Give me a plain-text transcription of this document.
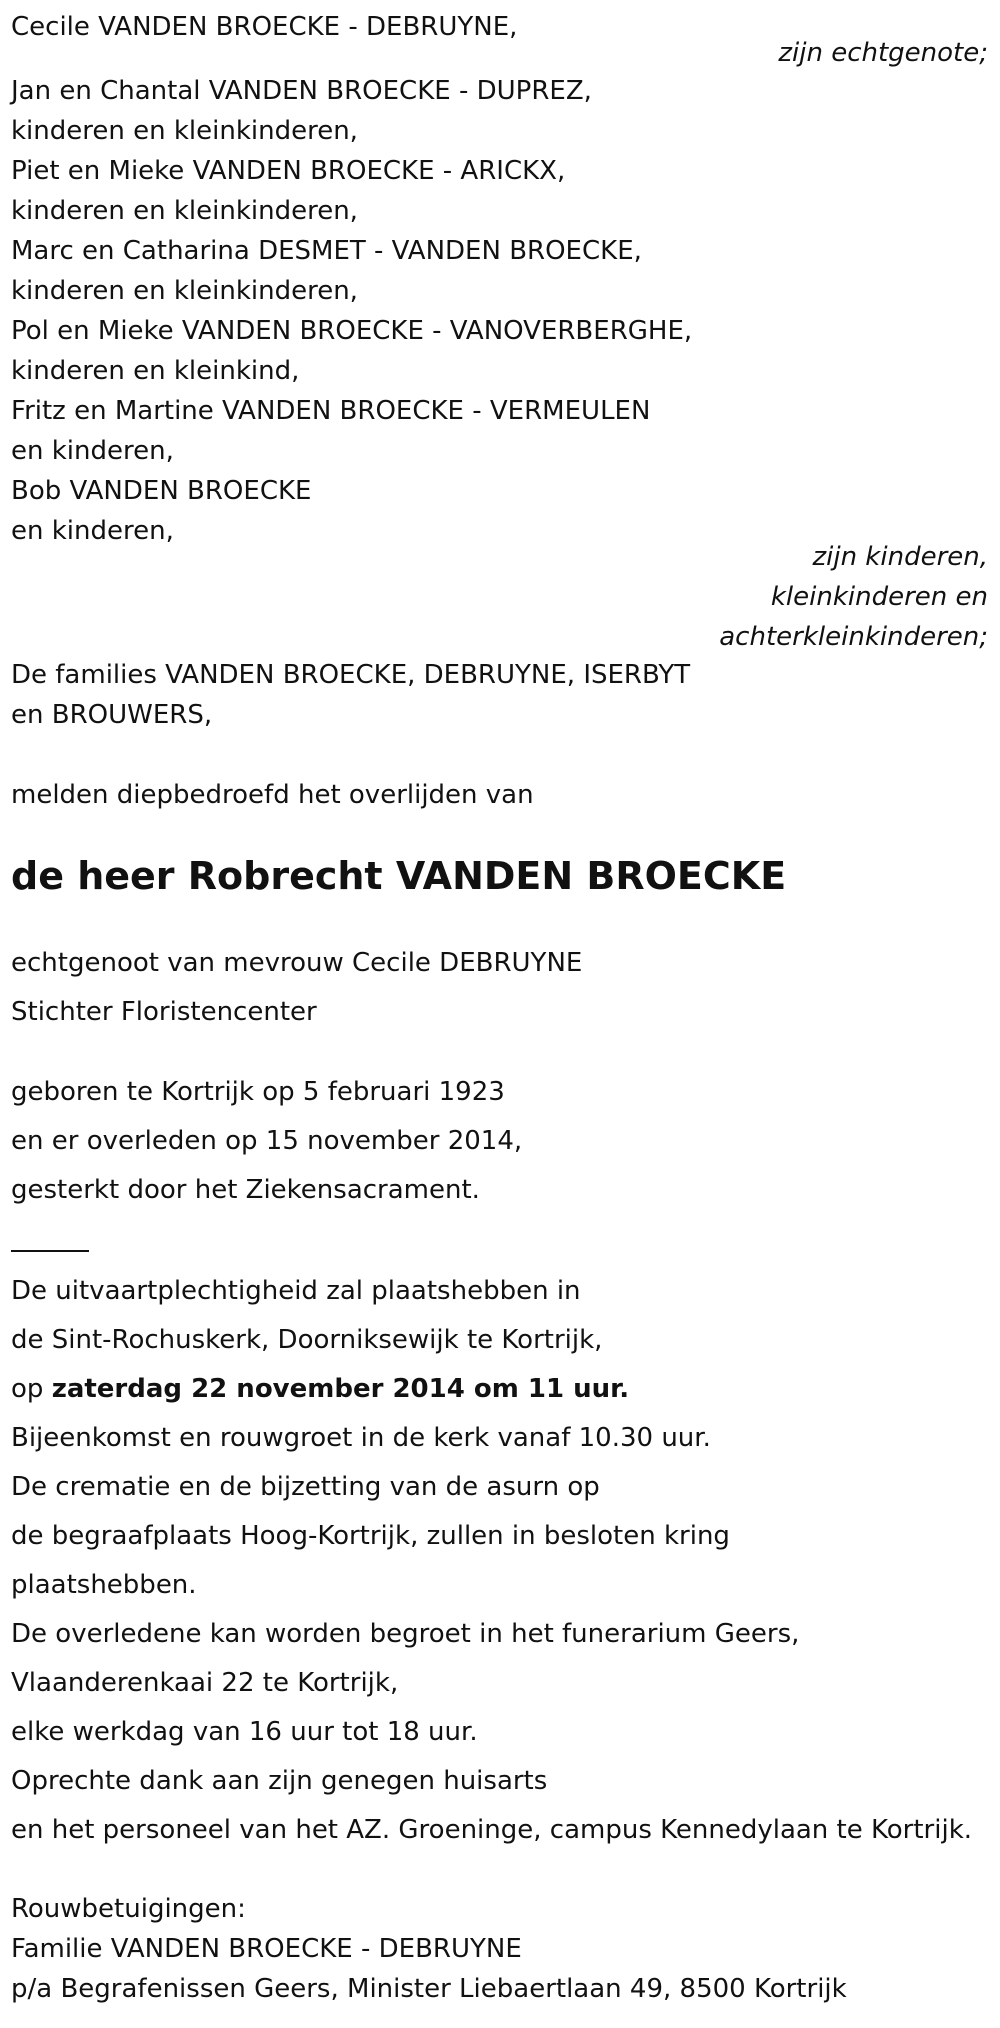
Cecile VANDEN BROECKE - DEBRUYNE,
zijn echtgenote;
Jan en Chantal VANDEN BROECKE - DUPREZ,
kinderen en kleinkinderen,
Piet en Mieke VANDEN BROECKE - ARICKX,
kinderen en kleinkinderen,
Marc en Catharina DESMET - VANDEN BROECKE,
kinderen en kleinkinderen,
Pol en Mieke VANDEN BROECKE - VANOVERBERGHE,
kinderen en kleinkind,
Fritz en Martine VANDEN BROECKE - VERMEULEN
en kinderen,
Bob VANDEN BROECKE
en kinderen,
zijn kinderen,
kleinkinderen en
achterkleinkinderen;
De families VANDEN BROECKE, DEBRUYNE, ISERBYT
en BROUWERS,
melden diepbedroefd het overlijden van
de heer Robrecht VANDEN BROECKE
echtgenoot van mevrouw Cecile DEBRUYNE
Stichter Floristencenter
geboren te Kortrijk op 5 februari 1923
en er overleden op 15 november 2014,
gesterkt door het Ziekensacrament.
De uitvaartplechtigheid zal plaatshebben in
de Sint-Rochuskerk, Doorniksewijk te Kortrijk,
op zaterdag 22 november 2014 om 11 uur.
Bijeenkomst en rouwgroet in de kerk vanaf 10.30 uur.
De crematie en de bijzetting van de asurn op
de begraafplaats Hoog-Kortrijk, zullen in besloten kring
plaatshebben.
De overledene kan worden begroet in het funerarium Geers,
Vlaanderenkaai 22 te Kortrijk,
elke werkdag van 16 uur tot 18 uur.
Oprechte dank aan zijn genegen huisarts
en het personeel van het AZ. Groeninge, campus Kennedylaan te Kortrijk.
Rouwbetuigingen:
Familie VANDEN BROECKE - DEBRUYNE
p/a Begrafenissen Geers, Minister Liebaertlaan 49, 8500 Kortrijk
